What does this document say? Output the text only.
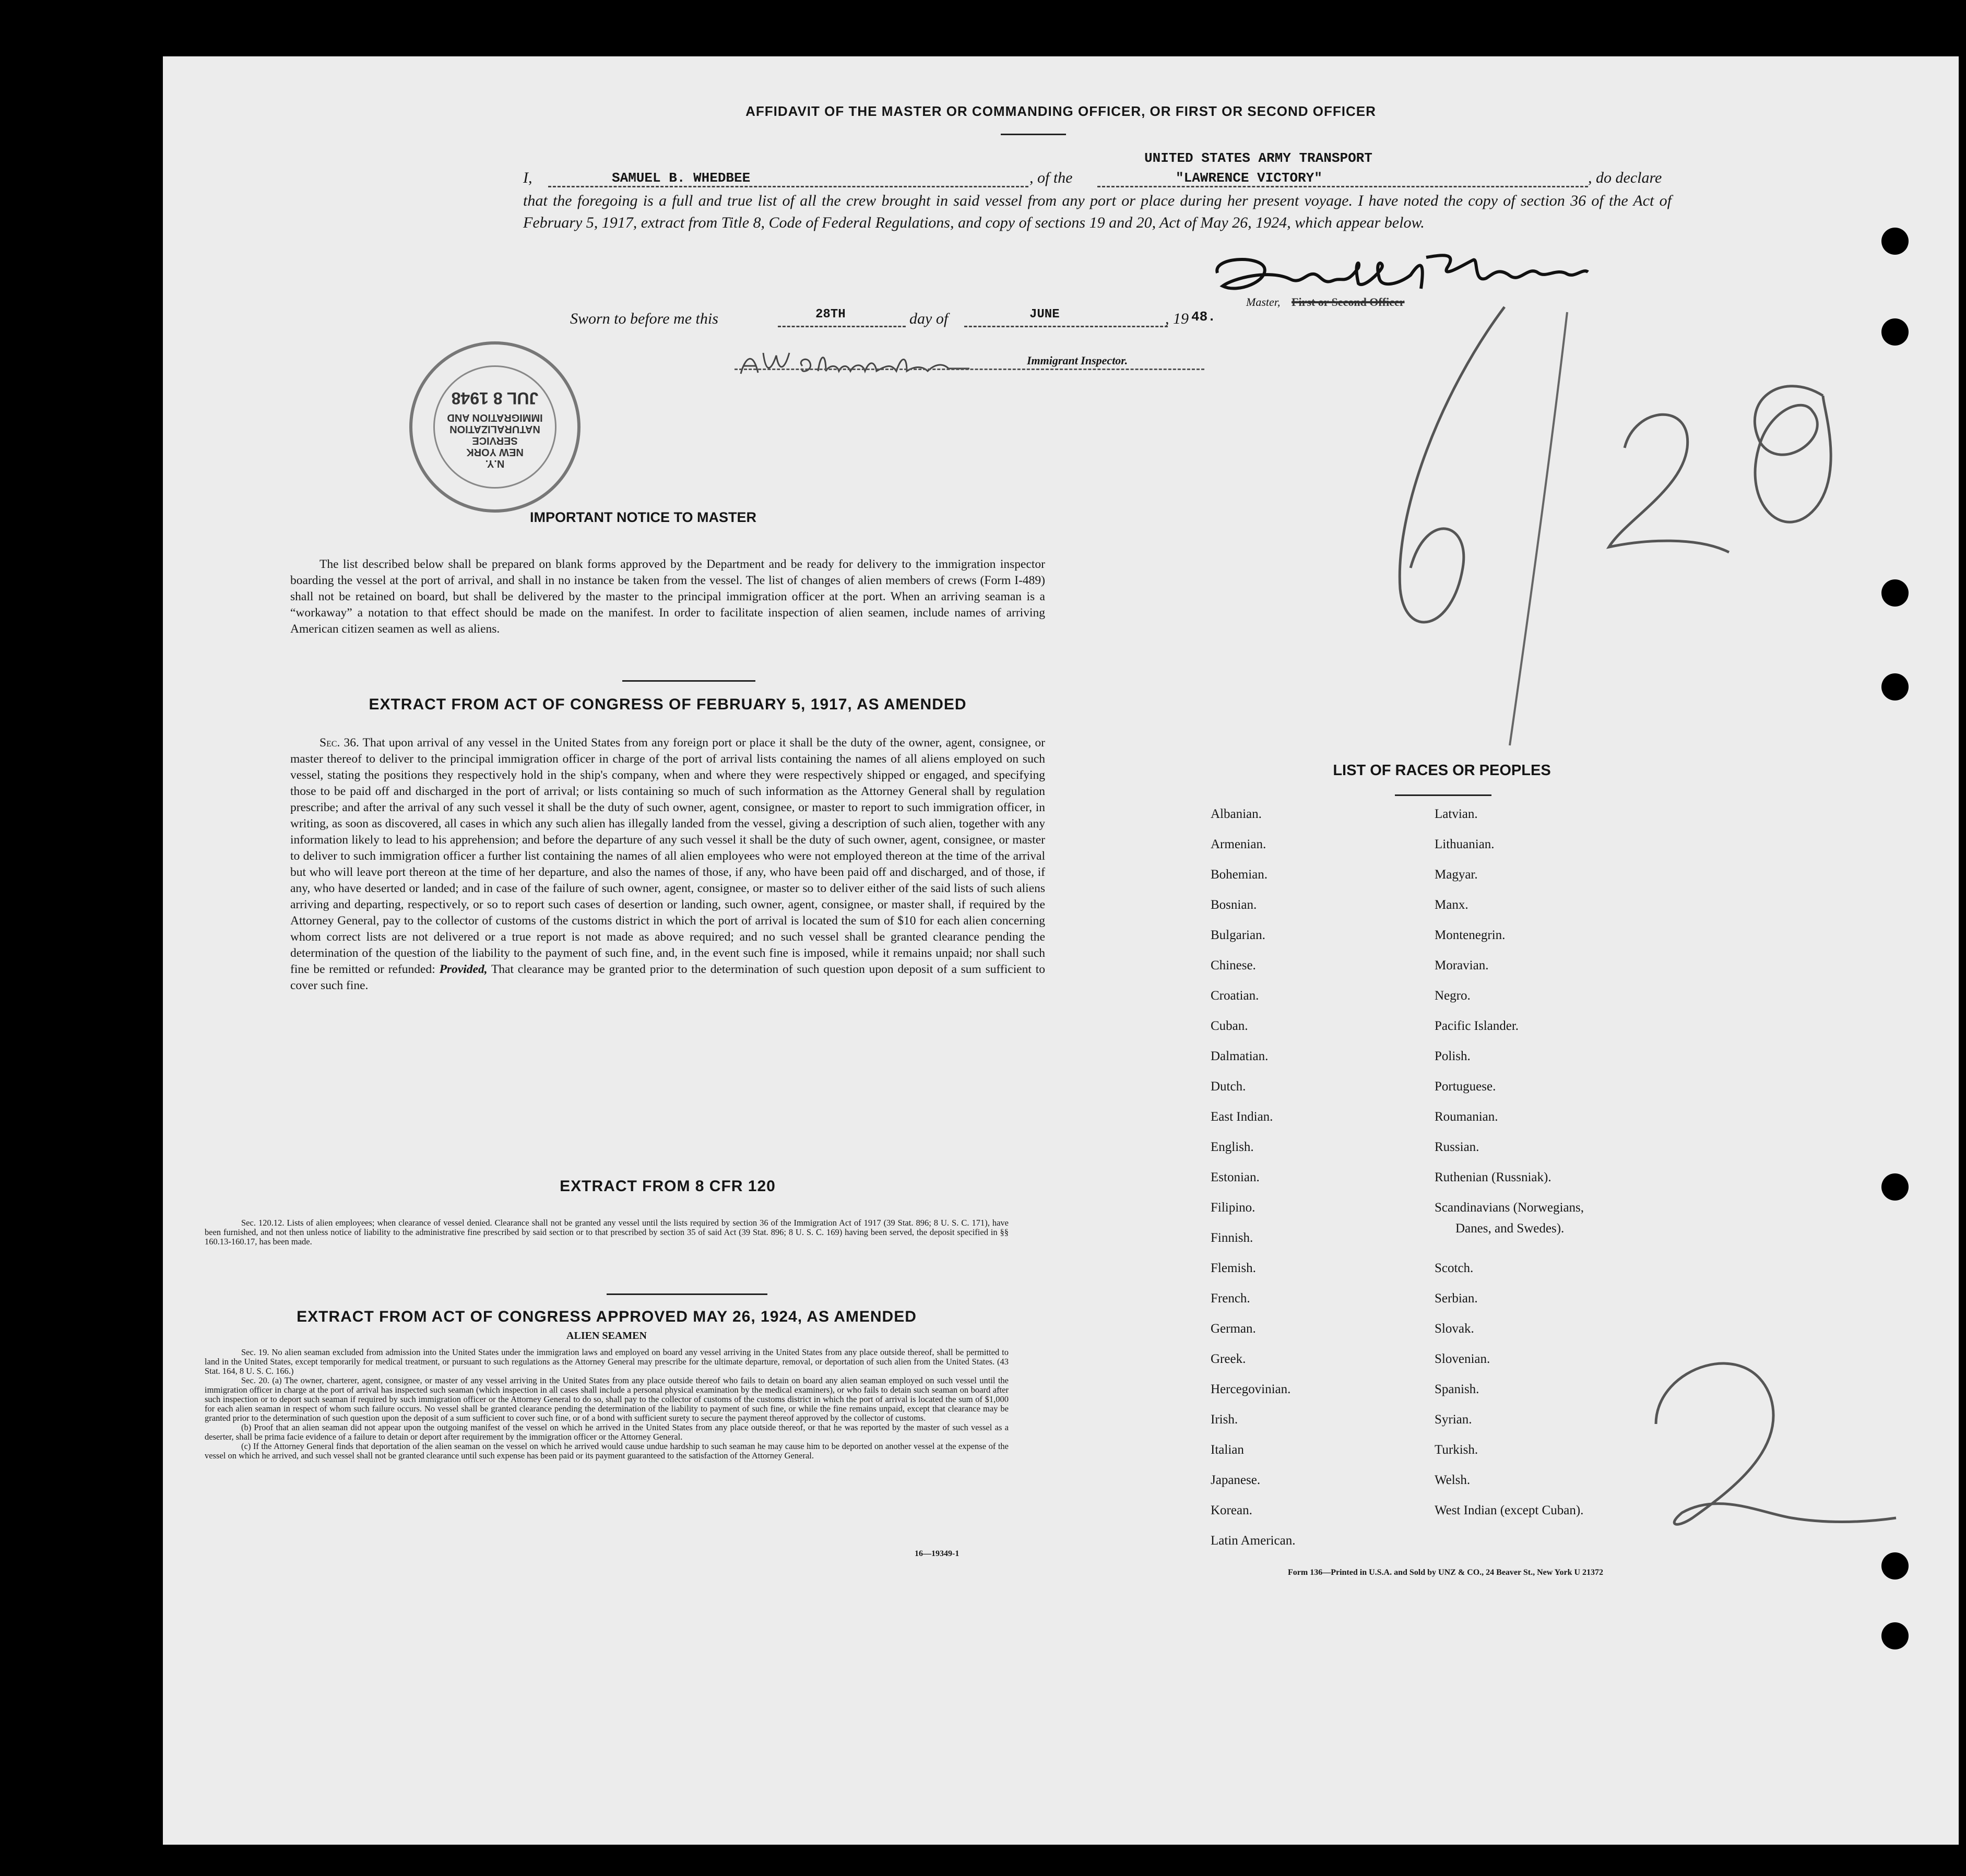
AFFIDAVIT OF THE MASTER OR COMMANDING OFFICER, OR FIRST OR SECOND OFFICER
I,	SAMUEL B. WHEDBEE	, of the
UNITED STATES ARMY TRANSPORT
"LAWRENCE VICTORY"	, do declare
that the foregoing is a full and true list of all the crew brought in said vessel from any port or place during her present voyage. I have noted the copy of section 36 of the Act of February 5, 1917, extract from Title 8, Code of Federal Regulations, and copy of sections 19 and 20, Act of May 26, 1924, which appear below.
Master, First or Second Officer
Sworn to before me this	28TH	day of	JUNE	, 19 48.
Immigrant Inspector.
N.Y.
NEW YORK
SERVICE
NATURALIZATION
IMMIGRATION AND
JUL 8 1948
IMPORTANT NOTICE TO MASTER
The list described below shall be prepared on blank forms approved by the Department and be ready for delivery to the immigration inspector boarding the vessel at the port of arrival, and shall in no instance be taken from the vessel. The list of changes of alien members of crews (Form I-489) shall not be retained on board, but shall be delivered by the master to the principal immigration officer at the port. When an arriving seaman is a “workaway” a notation to that effect should be made on the manifest. In order to facilitate inspection of alien seamen, include names of arriving American citizen seamen as well as aliens.
EXTRACT FROM ACT OF CONGRESS OF FEBRUARY 5, 1917, AS AMENDED
Sec. 36. That upon arrival of any vessel in the United States from any foreign port or place it shall be the duty of the owner, agent, consignee, or master thereof to deliver to the principal immigration officer in charge of the port of arrival lists containing the names of all aliens employed on such vessel, stating the positions they respectively hold in the ship's company, when and where they were respectively shipped or engaged, and specifying those to be paid off and discharged in the port of arrival; or lists containing so much of such information as the Attorney General shall by regulation prescribe; and after the arrival of any such vessel it shall be the duty of such owner, agent, consignee, or master to report to such immigration officer, in writing, as soon as discovered, all cases in which any such alien has illegally landed from the vessel, giving a description of such alien, together with any information likely to lead to his apprehension; and before the departure of any such vessel it shall be the duty of such owner, agent, consignee, or master to deliver to such immigration officer a further list containing the names of all alien employees who were not employed thereon at the time of the arrival but who will leave port thereon at the time of her departure, and also the names of those, if any, who have been paid off and discharged, and of those, if any, who have deserted or landed; and in case of the failure of such owner, agent, consignee, or master so to deliver either of the said lists of such aliens arriving and departing, respectively, or so to report such cases of desertion or landing, such owner, agent, consignee, or master shall, if required by the Attorney General, pay to the collector of customs of the customs district in which the port of arrival is located the sum of $10 for each alien concerning whom correct lists are not delivered or a true report is not made as above required; and no such vessel shall be granted clearance pending the determination of the question of the liability to the payment of such fine, and, in the event such fine is imposed, while it remains unpaid; nor shall such fine be remitted or refunded: Provided, That clearance may be granted prior to the determination of such question upon deposit of a sum sufficient to cover such fine.
EXTRACT FROM 8 CFR 120
Sec. 120.12. Lists of alien employees; when clearance of vessel denied. Clearance shall not be granted any vessel until the lists required by section 36 of the Immigration Act of 1917 (39 Stat. 896; 8 U. S. C. 171), have been furnished, and not then unless notice of liability to the administrative fine prescribed by said section or to that prescribed by section 35 of said Act (39 Stat. 896; 8 U. S. C. 169) having been served, the deposit specified in §§ 160.13-160.17, has been made.
EXTRACT FROM ACT OF CONGRESS APPROVED MAY 26, 1924, AS AMENDED
ALIEN SEAMEN
Sec. 19. No alien seaman excluded from admission into the United States under the immigration laws and employed on board any vessel arriving in the United States from any place outside thereof, shall be permitted to land in the United States, except temporarily for medical treatment, or pursuant to such regulations as the Attorney General may prescribe for the ultimate departure, removal, or deportation of such alien from the United States. (43 Stat. 164, 8 U. S. C. 166.)
Sec. 20. (a) The owner, charterer, agent, consignee, or master of any vessel arriving in the United States from any place outside thereof who fails to detain on board any alien seaman employed on such vessel until the immigration officer in charge at the port of arrival has inspected such seaman (which inspection in all cases shall include a personal physical examination by the medical examiners), or who fails to detain such seaman on board after such inspection or to deport such seaman if required by such immigration officer or the Attorney General to do so, shall pay to the collector of customs of the customs district in which the port of arrival is located the sum of $1,000 for each alien seaman in respect of whom such failure occurs. No vessel shall be granted clearance pending the determination of the liability to payment of such fine, or while the fine remains unpaid, except that clearance may be granted prior to the determination of such question upon the deposit of a sum sufficient to cover such fine, or of a bond with sufficient surety to secure the payment thereof approved by the collector of customs.
(b) Proof that an alien seaman did not appear upon the outgoing manifest of the vessel on which he arrived in the United States from any place outside thereof, or that he was reported by the master of such vessel as a deserter, shall be prima facie evidence of a failure to detain or deport after requirement by the immigration officer or the Attorney General.
(c) If the Attorney General finds that deportation of the alien seaman on the vessel on which he arrived would cause undue hardship to such seaman he may cause him to be deported on another vessel at the expense of the vessel on which he arrived, and such vessel shall not be granted clearance until such expense has been paid or its payment guaranteed to the satisfaction of the Attorney General.
16—19349-1
LIST OF RACES OR PEOPLES
Albanian.
Armenian.
Bohemian.
Bosnian.
Bulgarian.
Chinese.
Croatian.
Cuban.
Dalmatian.
Dutch.
East Indian.
English.
Estonian.
Filipino.
Finnish.
Flemish.
French.
German.
Greek.
Hercegovinian.
Irish.
Italian
Japanese.
Korean.
Latin American.
Latvian.
Lithuanian.
Magyar.
Manx.
Montenegrin.
Moravian.
Negro.
Pacific Islander.
Polish.
Portuguese.
Roumanian.
Russian.
Ruthenian (Russniak).
Scandinavians (Norwegians,
Danes, and Swedes).
Scotch.
Serbian.
Slovak.
Slovenian.
Spanish.
Syrian.
Turkish.
Welsh.
West Indian (except Cuban).
Form 136—Printed in U.S.A. and Sold by UNZ & CO., 24 Beaver St., New York U 21372
